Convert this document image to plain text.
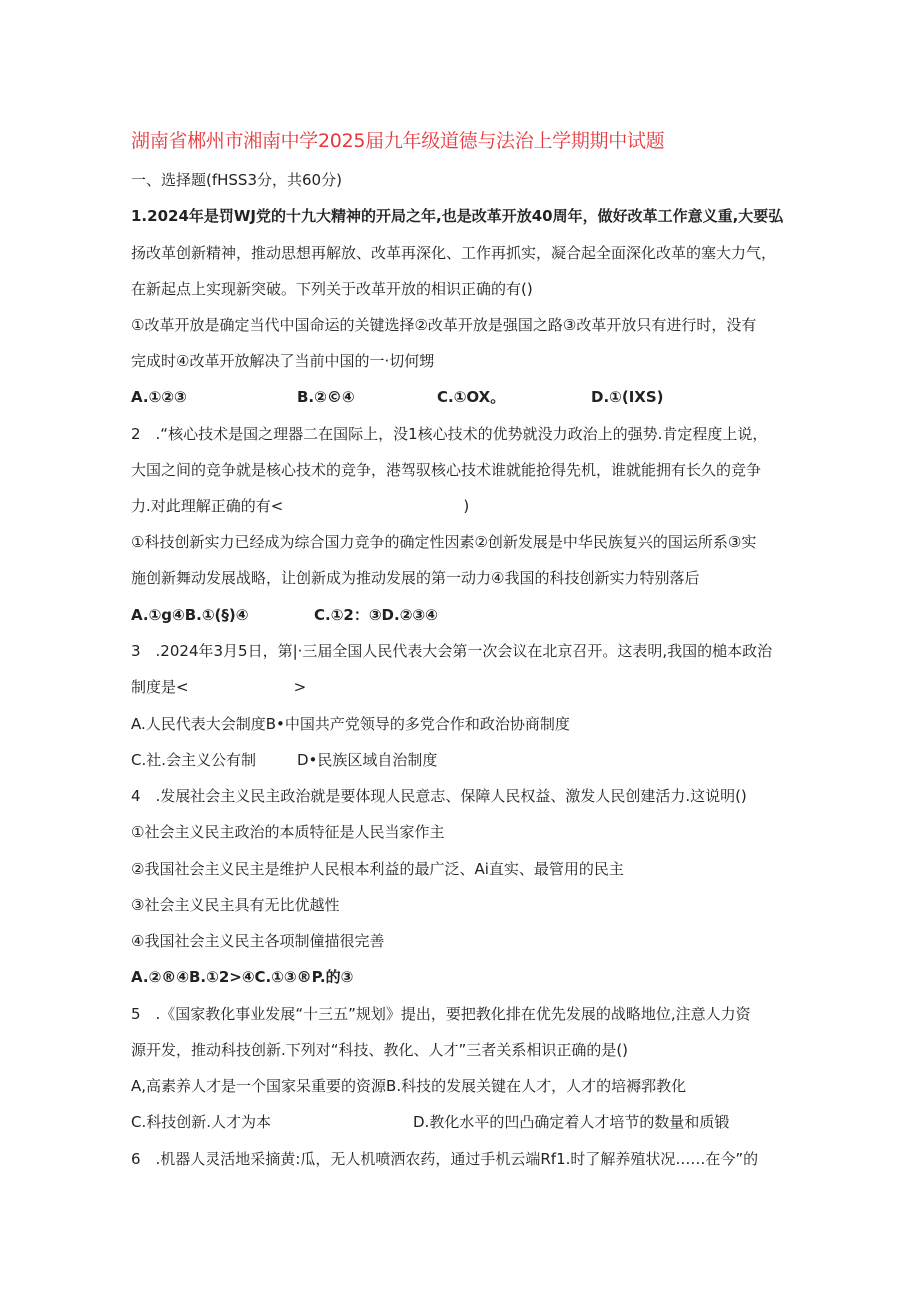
湖南省郴州市湘南中学2025届九年级道德与法治上学期期中试题
一、选择题(fHSS3分，共60分)
1.2024年是罚WJ党的十九大精神的开局之年,也是改革开放40周年，做好改革工作意义重,大要弘
扬改革创新精神，推动思想再解放、改革再深化、工作再抓实，凝合起全面深化改革的塞大力气，
在新起点上实现新突破。下列关于改革开放的相识正确的有()
①改革开放是确定当代中国命运的关键选择②改革开放是强国之路③改革开放只有进行时，没有
完成时④改革开放解决了当前中国的一·切何甥
A.①②③	B.②©④	C.①OX。	D.①(IXS)
2　.“核心技术是国之理器二在国际上，没1核心技术的优势就没力政治上的强势.肯定程度上说，
大国之间的竞争就是核心技术的竞争，港驾驭核心技术谁就能抢得先机，谁就能拥有长久的竞争
力.对此理解正确的有<　　　　　　　　　　　　)
①科技创新实力已经成为综合国力竞争的确定性因素②创新发展是中华民族复兴的国运所系③实
施创新舞动发展战略，让创新成为推动发展的第一动力④我国的科技创新实力特别落后
A.①g④B.①(§)④	C.①2：③D.②③④
3　.2024年3月5日，第|·三届全国人民代表大会第一次会议在北京召开。这表明,我国的槌本政治
制度是<　　　　　　　>
A.人民代表大会制度B•中国共产党领导的多党合作和政治协商制度
C.社.会主义公有制	D•民族区域自治制度
4　.发展社会主义民主政治就是要体现人民意志、保障人民权益、激发人民创建活力.这说明()
①社会主义民主政治的本质特征是人民当家作主
②我国社会主义民主是维护人民根本利益的最广泛、Ai直实、最管用的民主
③社会主义民主具有无比优越性
④我国社会主义民主各项制僮描很完善
A.②®④B.①2>④C.①③®P.的③
5　.《国家教化事业发展“十三五”规划》提出，要把教化排在优先发展的战略地位,注意人力资
源开发，推动科技创新.下列对“科技、教化、人才”三者关系相识正确的是()
A,高素养人才是一个国家呆重要的资源B.科技的发展关键在人才，人才的培褥郛教化
C.科技创新.人才为本	D.教化水平的凹凸确定着人才培节的数量和质锻
6　.机器人灵活地采摘黄:瓜，无人机喷洒农药，通过手机云端Rf1.时了解养殖状况……在今”的
